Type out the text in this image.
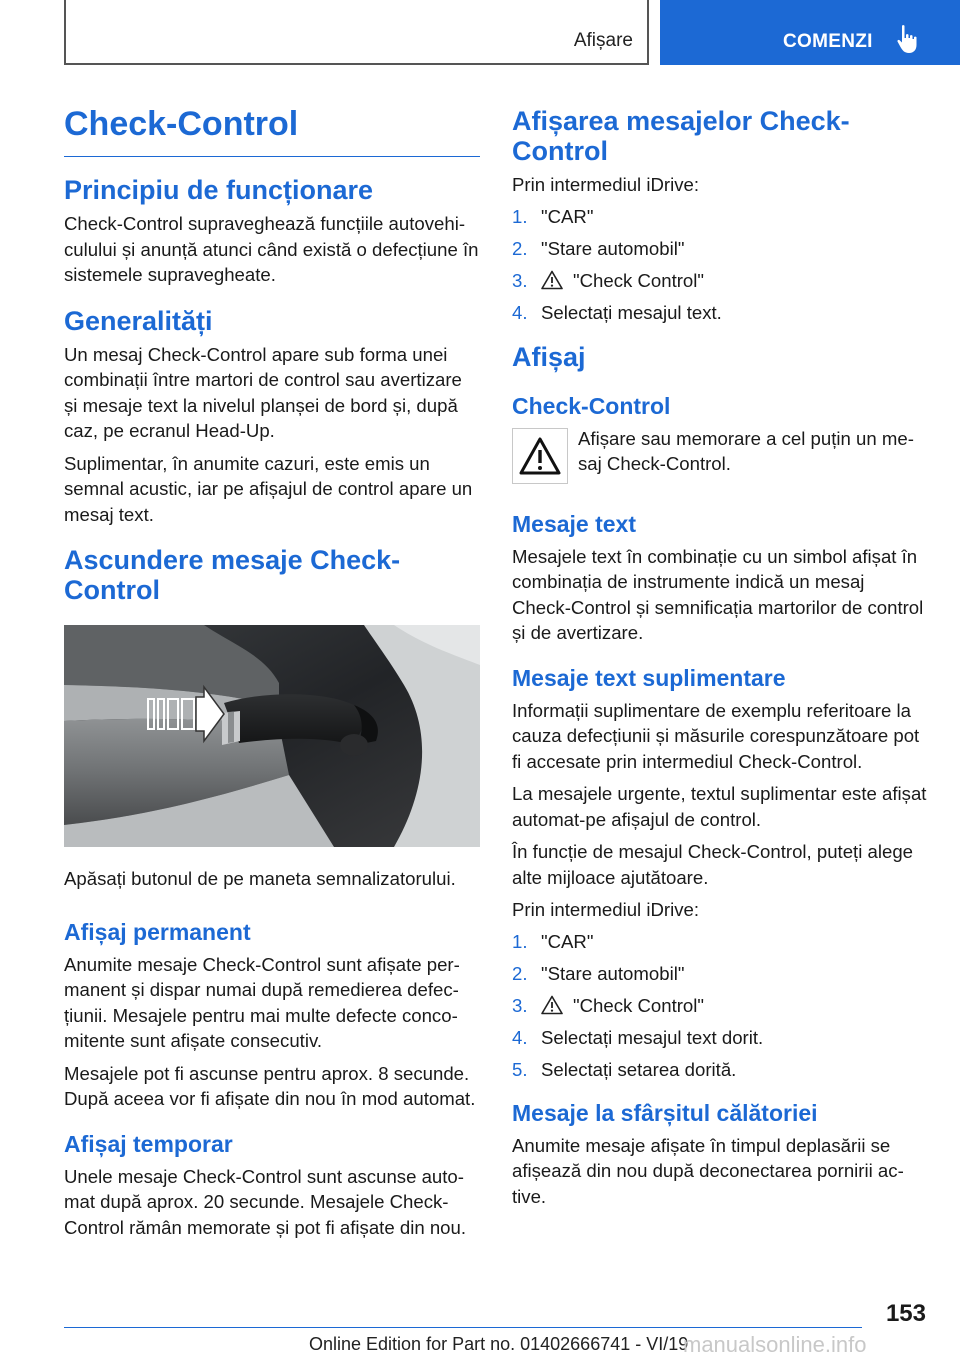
Afișare	COMENZI
Check-Control
Principiu de funcționare

Check-Control supraveghează funcțiile autovehiculului și anunță atunci când există o defecțiune în sistemele supravegheate.

Generalități

Un mesaj Check-Control apare sub forma unei combinații între martori de control sau avertizare și mesaje text la nivelul planșei de bord și, după caz, pe ecranul Head-Up.

Suplimentar, în anumite cazuri, este emis un semnal acustic, iar pe afișajul de control apare un mesaj text.

Ascundere mesaje Check-Control

Apăsați butonul de pe maneta semnalizatorului.

Afișaj permanent

Anumite mesaje Check-Control sunt afișate permanent și dispar numai după remedierea defecțiunii. Mesajele pentru mai multe defecte concomitente sunt afișate consecutiv.

Mesajele pot fi ascunse pentru aprox. 8 secunde. După aceea vor fi afișate din nou în mod automat.

Afișaj temporar

Unele mesaje Check-Control sunt ascunse automat după aprox. 20 secunde. Mesajele Check-Control rămân memorate și pot fi afișate din nou.

Afișarea mesajelor Check-Control

Prin intermediul iDrive:

1. "CAR"
2. "Stare automobil"
3.	"Check Control"
4. Selectați mesajul text.
Afișaj
Check-Control
Afișare sau memorare a cel puțin un mesaj Check-Control.
Mesaje text

Mesajele text în combinație cu un simbol afișat în combinația de instrumente indică un mesaj Check-Control și semnificația martorilor de control și de avertizare.

Mesaje text suplimentare

Informații suplimentare de exemplu referitoare la cauza defecțiunii și măsurile corespunzătoare pot fi accesate prin intermediul Check-Control.

La mesajele urgente, textul suplimentar este afișat automat-pe afișajul de control.

În funcție de mesajul Check-Control, puteți alege alte mijloace ajutătoare.

Prin intermediul iDrive:

1. "CAR"
2. "Stare automobil"
3.	"Check Control"
4. Selectați mesajul text dorit.
5. Selectați setarea dorită.
Mesaje la sfârșitul călătoriei

Anumite mesaje afișate în timpul deplasării se afișează din nou după deconectarea pornirii active.

153
Online Edition for Part no. 01402666741 - VI/19
manualsonline.info
